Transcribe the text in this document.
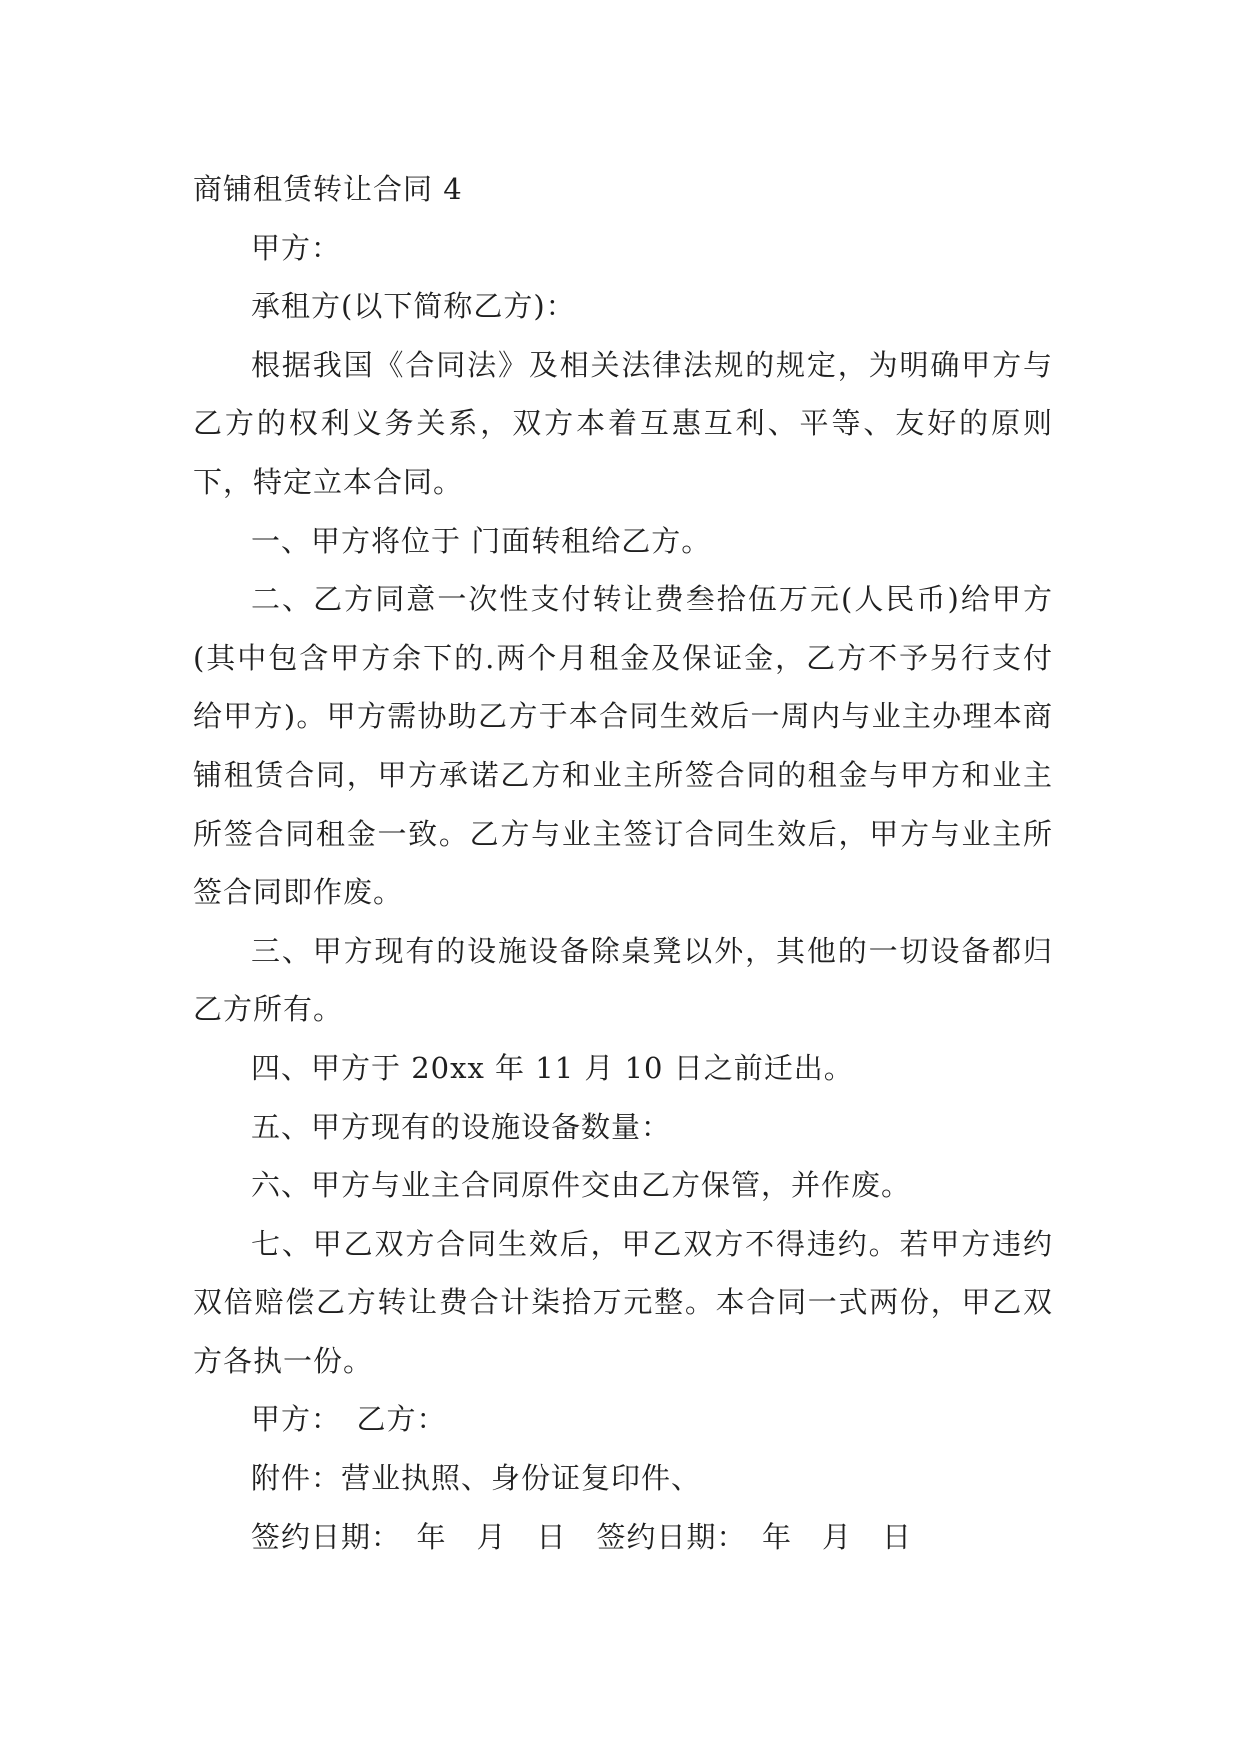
商铺租赁转让合同 4

甲方：

承租方(以下简称乙方)：

根据我国《合同法》及相关法律法规的规定，为明确甲方与乙方的权利义务关系，双方本着互惠互利、平等、友好的原则下，特定立本合同。

一、甲方将位于 门面转租给乙方。

二、乙方同意一次性支付转让费叁拾伍万元(人民币)给甲方(其中包含甲方余下的.两个月租金及保证金，乙方不予另行支付给甲方)。甲方需协助乙方于本合同生效后一周内与业主办理本商铺租赁合同，甲方承诺乙方和业主所签合同的租金与甲方和业主所签合同租金一致。乙方与业主签订合同生效后，甲方与业主所签合同即作废。

三、甲方现有的设施设备除桌凳以外，其他的一切设备都归乙方所有。

四、甲方于 20xx 年 11 月 10 日之前迁出。

五、甲方现有的设施设备数量：

六、甲方与业主合同原件交由乙方保管，并作废。

七、甲乙双方合同生效后，甲乙双方不得违约。若甲方违约双倍赔偿乙方转让费合计柒拾万元整。本合同一式两份，甲乙双方各执一份。

甲方：　乙方：

附件：营业执照、身份证复印件、

签约日期：　年　月　日　签约日期：　年　月　日
